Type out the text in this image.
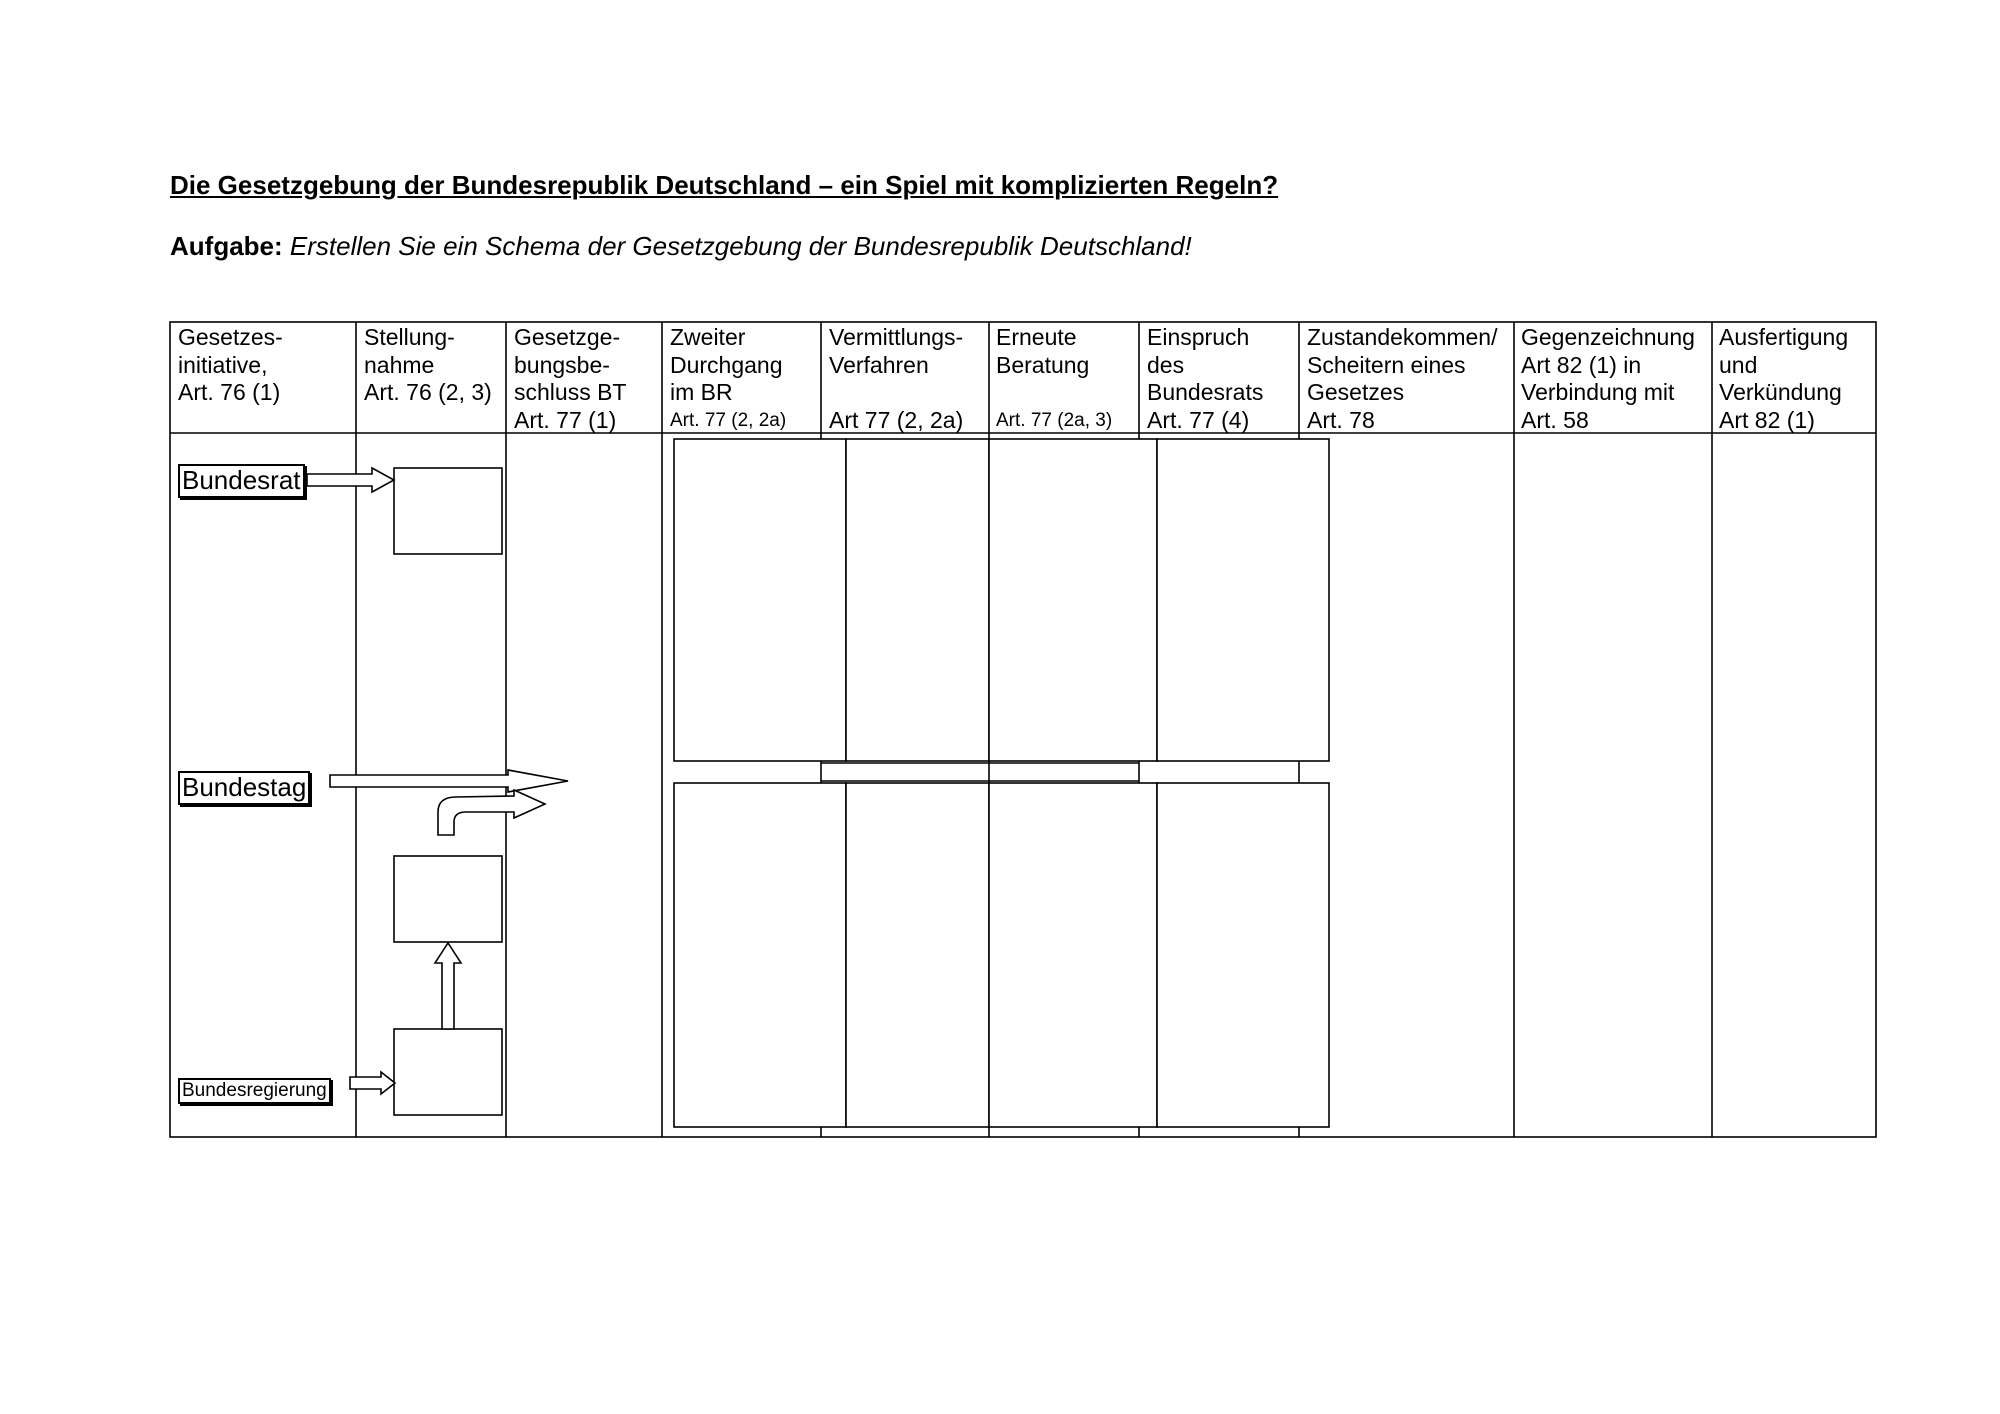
Die Gesetzgebung der Bundesrepublik Deutschland – ein Spiel mit komplizierten Regeln?

Aufgabe: Erstellen Sie ein Schema der Gesetzgebung der Bundesrepublik Deutschland!

Gesetzes-
initiative,
Art. 76 (1)
Stellung-
nahme
Art. 76 (2, 3)
Gesetzge-
bungsbe-
schluss BT
Art. 77 (1)
Zweiter
Durchgang
im BR
Art. 77 (2, 2a)
Vermittlungs-
Verfahren
Art 77 (2, 2a)
Erneute
Beratung
Art. 77 (2a, 3)
Einspruch
des
Bundesrats
Art. 77 (4)
Zustandekommen/
Scheitern eines
Gesetzes
Art. 78
Gegenzeichnung
Art 82 (1) in
Verbindung mit
Art. 58
Ausfertigung
und
Verkündung
Art 82 (1)
Bundesrat
Bundestag
Bundesregierung
